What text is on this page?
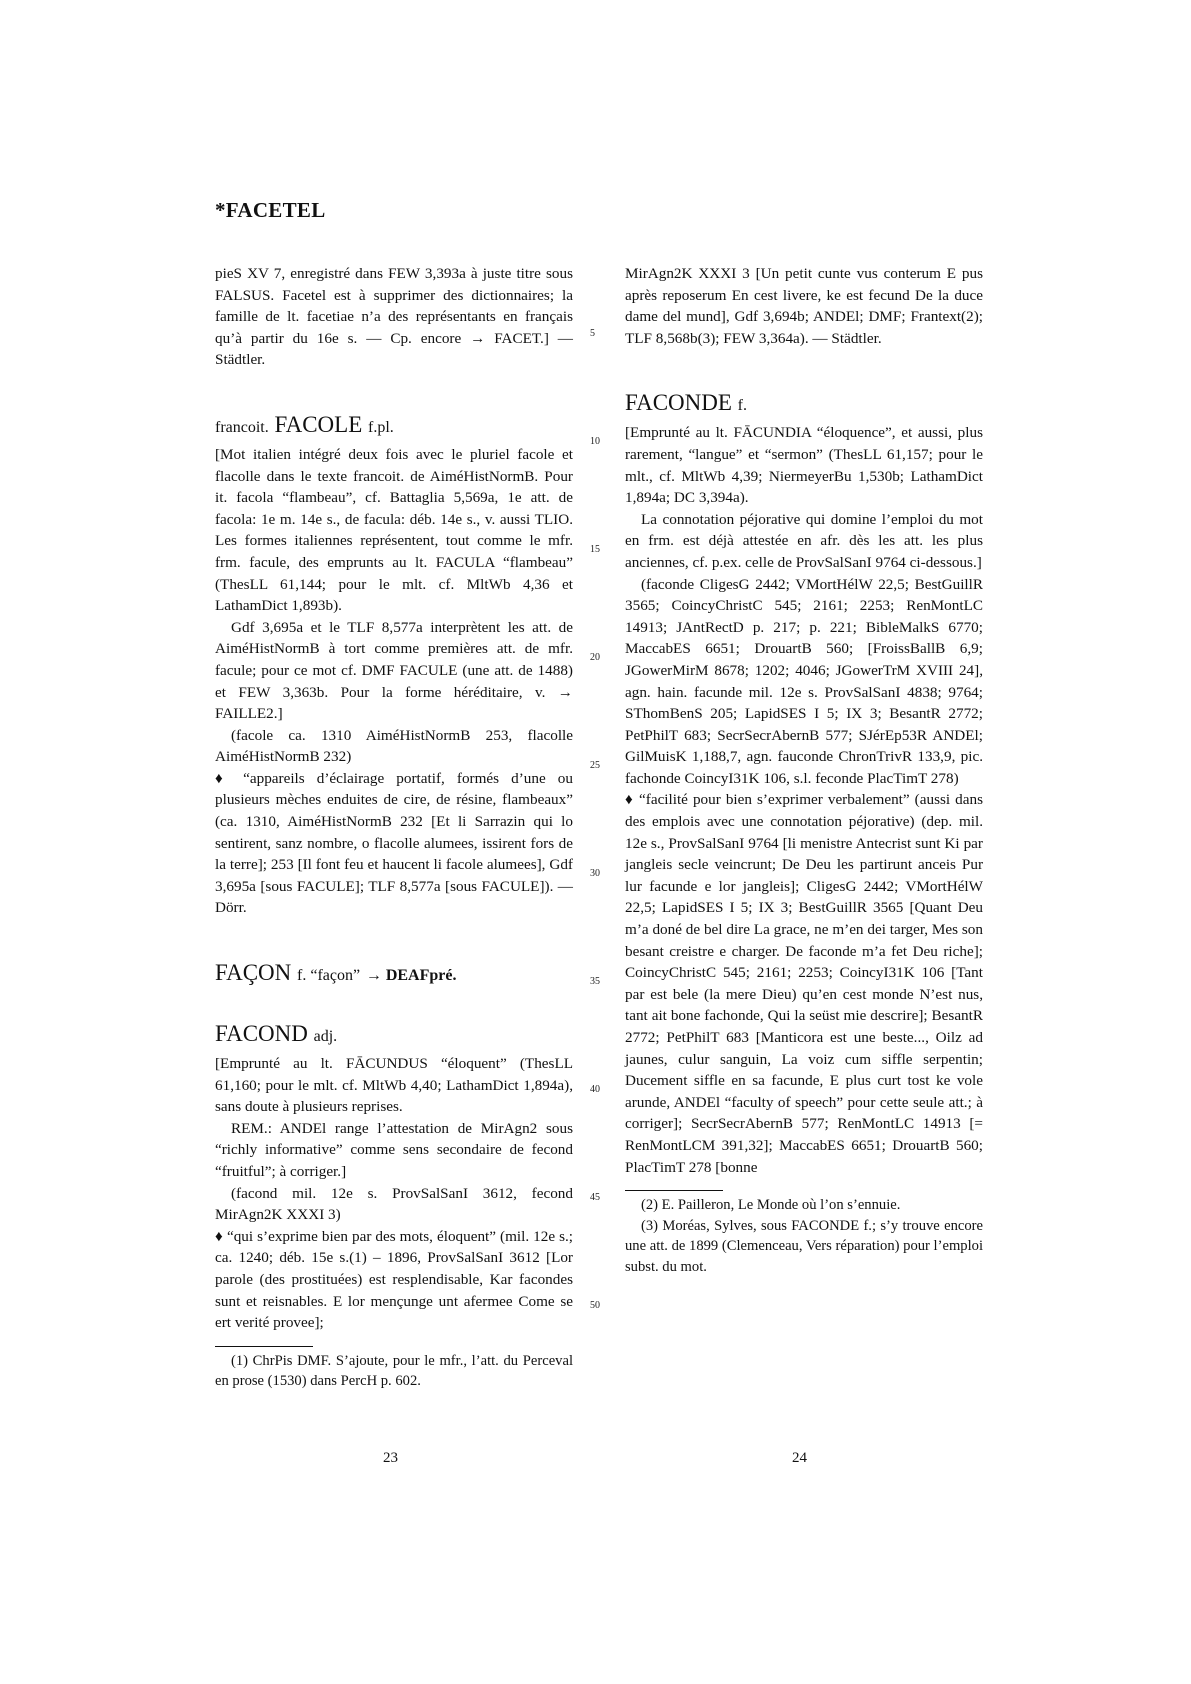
*FACETEL

pieS XV 7, enregistré dans FEW 3,393a à juste titre sous FALSUS. Facetel est à supprimer des dictionnaires; la famille de lt. facetiae n’a des représentants en français qu’à partir du 16e s. — Cp. encore → FACET.] — Städtler.

francoit. FACOLE f.pl.

[Mot italien intégré deux fois avec le pluriel facole et flacolle dans le texte francoit. de AiméHistNormB. Pour it. facola “flambeau”, cf. Battaglia 5,569a, 1e att. de facola: 1e m. 14e s., de facula: déb. 14e s., v. aussi TLIO. Les formes italiennes représentent, tout comme le mfr. frm. facule, des emprunts au lt. FACULA “flambeau” (ThesLL 61,144; pour le mlt. cf. MltWb 4,36 et LathamDict 1,893b).

Gdf 3,695a et le TLF 8,577a interprètent les att. de AiméHistNormB à tort comme premières att. de mfr. facule; pour ce mot cf. DMF FACULE (une att. de 1488) et FEW 3,363b. Pour la forme héréditaire, v. → FAILLE2.]

(facole ca. 1310 AiméHistNormB 253, flacolle AiméHistNormB 232)

♦ “appareils d’éclairage portatif, formés d’une ou plusieurs mèches enduites de cire, de résine, flambeaux” (ca. 1310, AiméHistNormB 232 [Et li Sarrazin qui lo sentirent, sanz nombre, o flacolle alumees, issirent fors de la terre]; 253 [Il font feu et haucent li facole alumees], Gdf 3,695a [sous FACULE]; TLF 8,577a [sous FACULE]). — Dörr.

FAÇON f. “façon” → DEAFpré.
FACOND adj.

[Emprunté au lt. FĀCUNDUS “éloquent” (ThesLL 61,160; pour le mlt. cf. MltWb 4,40; LathamDict 1,894a), sans doute à plusieurs reprises.

REM.: ANDEl range l’attestation de MirAgn2 sous “richly informative” comme sens secondaire de fecond “fruitful”; à corriger.]

(facond mil. 12e s. ProvSalSanI 3612, fecond MirAgn2K XXXI 3)

♦ “qui s’exprime bien par des mots, éloquent” (mil. 12e s.; ca. 1240; déb. 15e s.(1) – 1896, ProvSalSanI 3612 [Lor parole (des prostituées) est resplendisable, Kar facondes sunt et reisnables. E lor mençunge unt afermee Come se ert verité provee];

(1) ChrPis DMF. S’ajoute, pour le mfr., l’att. du Perceval en prose (1530) dans PercH p. 602.

5
10
15
20
25
30
35
40
45
50

MirAgn2K XXXI 3 [Un petit cunte vus conterum E pus après reposerum En cest livere, ke est fecund De la duce dame del mund], Gdf 3,694b; ANDEl; DMF; Frantext(2); TLF 8,568b(3); FEW 3,364a). — Städtler.

FACONDE f.

[Emprunté au lt. FĀCUNDIA “éloquence”, et aussi, plus rarement, “langue” et “sermon” (ThesLL 61,157; pour le mlt., cf. MltWb 4,39; NiermeyerBu 1,530b; LathamDict 1,894a; DC 3,394a).

La connotation péjorative qui domine l’emploi du mot en frm. est déjà attestée en afr. dès les att. les plus anciennes, cf. p.ex. celle de ProvSalSanI 9764 ci-dessous.]

(faconde CligesG 2442; VMortHélW 22,5; BestGuillR 3565; CoincyChristC 545; 2161; 2253; RenMontLC 14913; JAntRectD p. 217; p. 221; BibleMalkS 6770; MaccabES 6651; DrouartB 560; [FroissBallB 6,9; JGowerMirM 8678; 1202; 4046; JGowerTrM XVIII 24], agn. hain. facunde mil. 12e s. ProvSalSanI 4838; 9764; SThomBenS 205; LapidSES I 5; IX 3; BesantR 2772; PetPhilT 683; SecrSecrAbernB 577; SJérEp53R ANDEl; GilMuisK 1,188,7, agn. fauconde ChronTrivR 133,9, pic. fachonde CoincyI31K 106, s.l. feconde PlacTimT 278)

♦ “facilité pour bien s’exprimer verbalement” (aussi dans des emplois avec une connotation péjorative) (dep. mil. 12e s., ProvSalSanI 9764 [li menistre Antecrist sunt Ki par jangleis secle veincrunt; De Deu les partirunt anceis Pur lur facunde e lor jangleis]; CligesG 2442; VMortHélW 22,5; LapidSES I 5; IX 3; BestGuillR 3565 [Quant Deu m’a doné de bel dire La grace, ne m’en dei targer, Mes son besant creistre e charger. De faconde m’a fet Deu riche]; CoincyChristC 545; 2161; 2253; CoincyI31K 106 [Tant par est bele (la mere Dieu) qu’en cest monde N’est nus, tant ait bone fachonde, Qui la seüst mie descrire]; BesantR 2772; PetPhilT 683 [Manticora est une beste..., Oilz ad jaunes, culur sanguin, La voiz cum siffle serpentin; Ducement siffle en sa facunde, E plus curt tost ke vole arunde, ANDEl “faculty of speech” pour cette seule att.; à corriger]; SecrSecrAbernB 577; RenMontLC 14913 [= RenMontLCM 391,32]; MaccabES 6651; DrouartB 560; PlacTimT 278 [bonne

(2) E. Pailleron, Le Monde où l’on s’ennuie.

(3) Moréas, Sylves, sous FACONDE f.; s’y trouve encore une att. de 1899 (Clemenceau, Vers réparation) pour l’emploi subst. du mot.

23	24
